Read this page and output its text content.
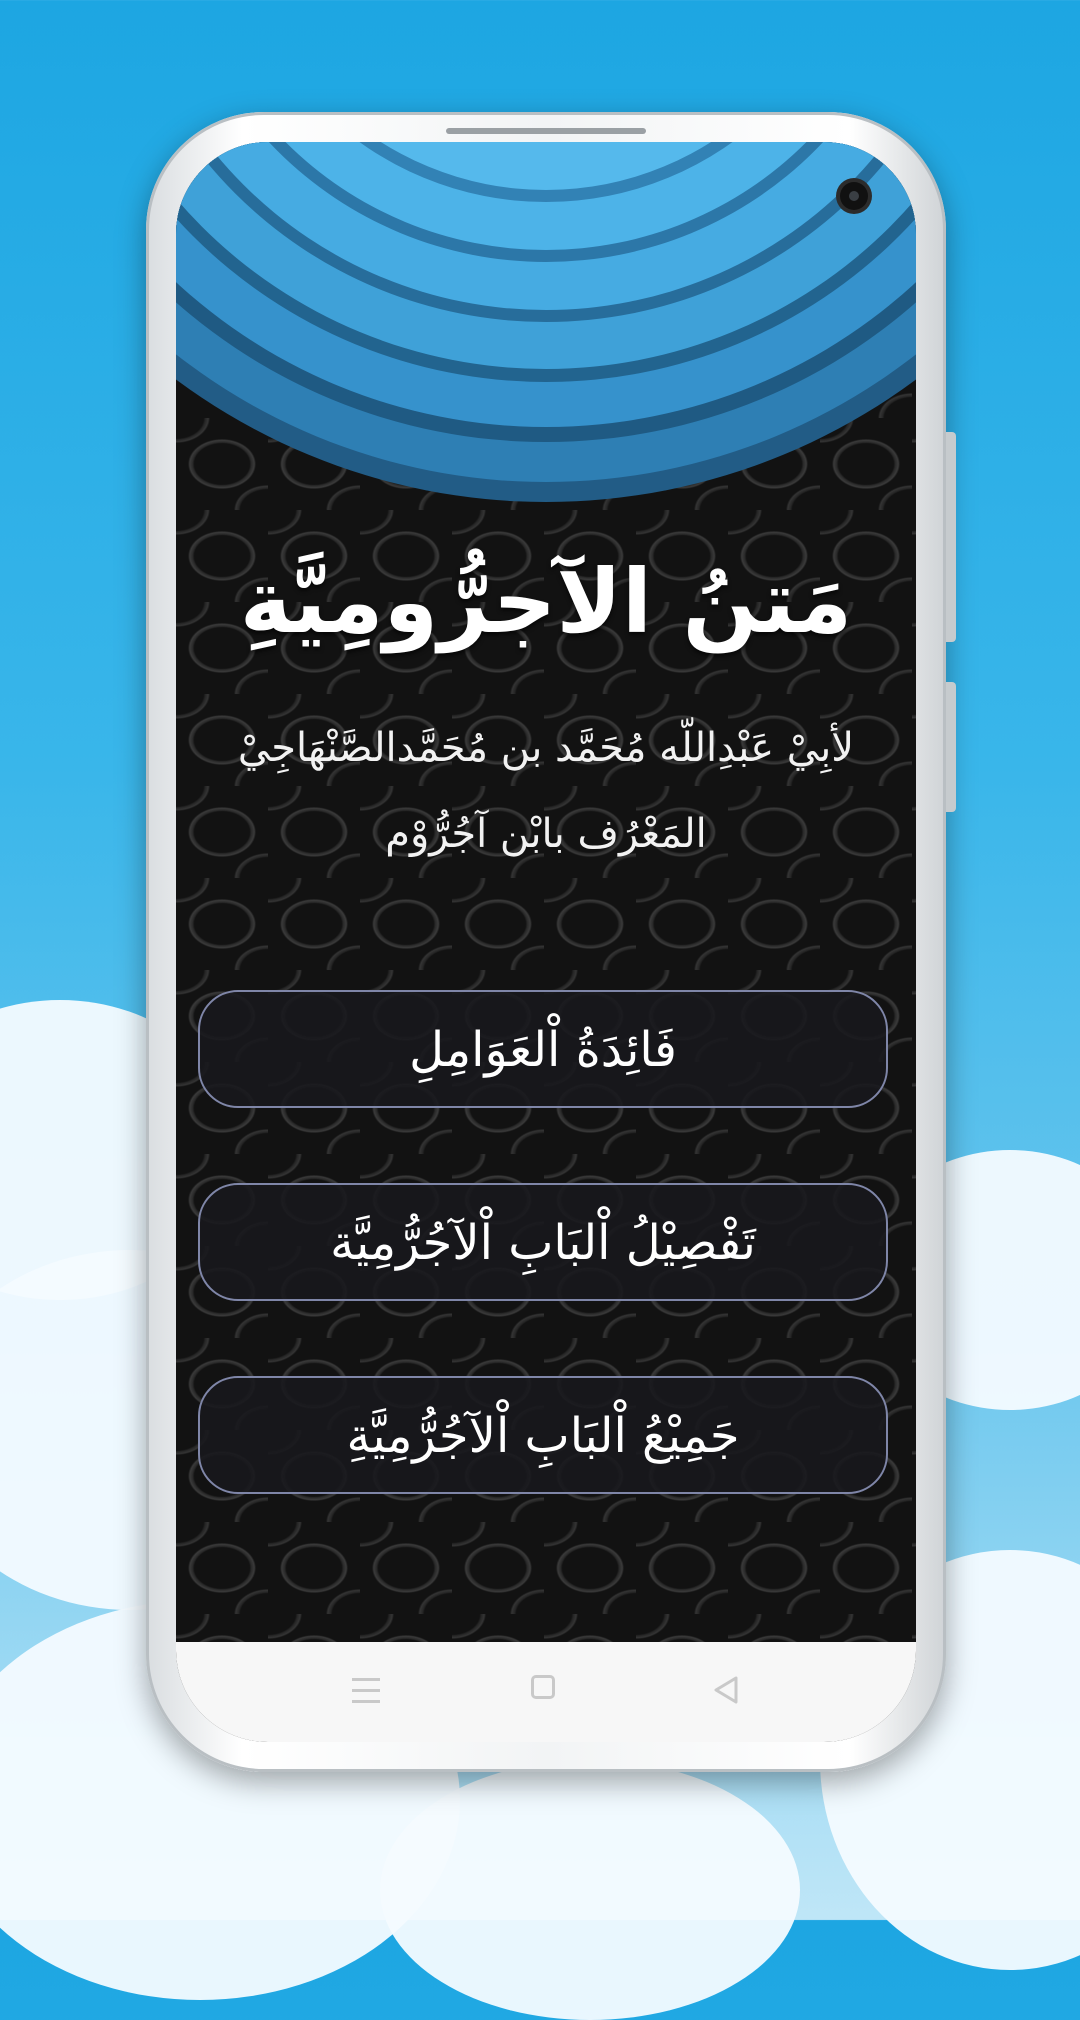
مَتنُ الآجرُّومِيَّةِ
لأبِيْ عَبْدِاللّه مُحَمَّد بن مُحَمَّدالصَّنْهَاجِيْ
المَعْرُف بابْن آجُرُّوْم
فَائِدَةُ اْلعَوَامِلِ
تَفْصِيْلُ اْلبَابِ اْلآجُرُّمِيَّة
جَمِيْعُ اْلبَابِ اْلآجُرُّمِيَّةِ
